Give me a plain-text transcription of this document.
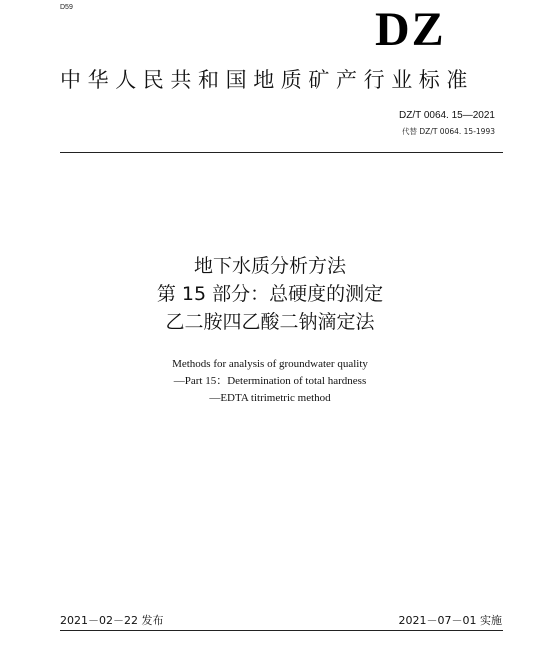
D59	DZ
中华人民共和国地质矿产行业标准
DZ/T 0064. 15—2021
代替 DZ/T 0064. 15-1993
地下水质分析方法
第 15 部分：总硬度的测定
乙二胺四乙酸二钠滴定法
Methods for analysis of groundwater quality
—Part 15：Determination of total hardness
—EDTA titrimetric method
2021－02－22 发布	2021－07－01 实施
